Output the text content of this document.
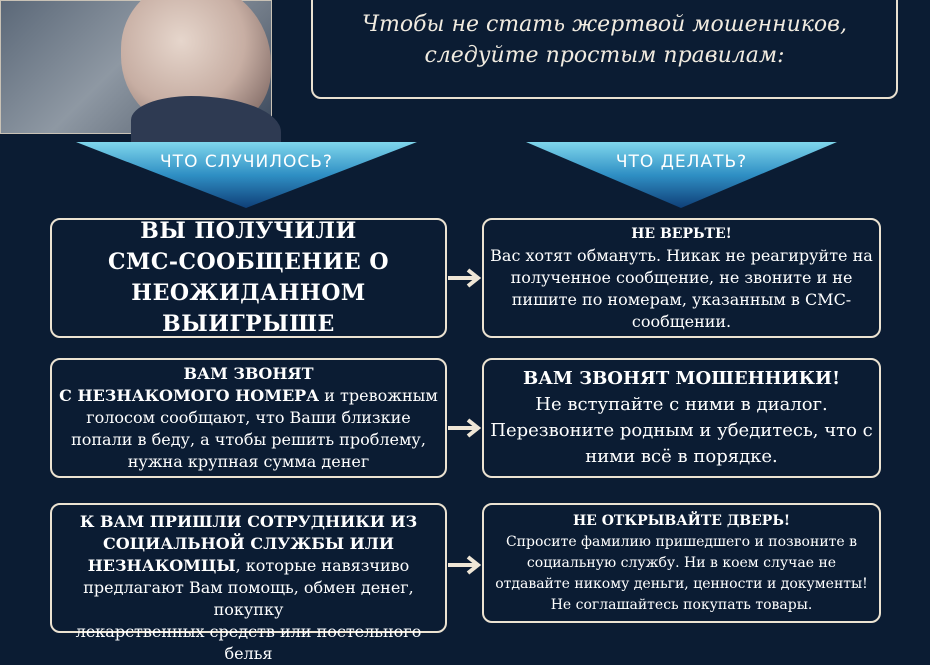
Чтобы не стать жертвой мошенников,
следуйте простым правилам:
ЧТО СЛУЧИЛОСЬ?	ЧТО ДЕЛАТЬ?
ВЫ ПОЛУЧИЛИ
СМС-СООБЩЕНИЕ О
НЕОЖИДАННОМ ВЫИГРЫШЕ
НЕ ВЕРЬТЕ!
Вас хотят обмануть. Никак не реагируйте на
полученное сообщение, не звоните и не
пишите по номерам, указанным в СМС-
сообщении.
ВАМ ЗВОНЯТ
С НЕЗНАКОМОГО НОМЕРА и тревожным
голосом сообщают, что Ваши близкие
попали в беду, а чтобы решить проблему,
нужна крупная сумма денег
ВАМ ЗВОНЯТ МОШЕННИКИ!
Не вступайте с ними в диалог.
Перезвоните родным и убедитесь, что с
ними всё в порядке.
К ВАМ ПРИШЛИ СОТРУДНИКИ ИЗ
СОЦИАЛЬНОЙ СЛУЖБЫ ИЛИ
НЕЗНАКОМЦЫ, которые навязчиво
предлагают Вам помощь, обмен денег, покупку
лекарственных средств или постельного белья
НЕ ОТКРЫВАЙТЕ ДВЕРЬ!
Спросите фамилию пришедшего и позвоните в
социальную службу. Ни в коем случае не
отдавайте никому деньги, ценности и документы!
Не соглашайтесь покупать товары.
